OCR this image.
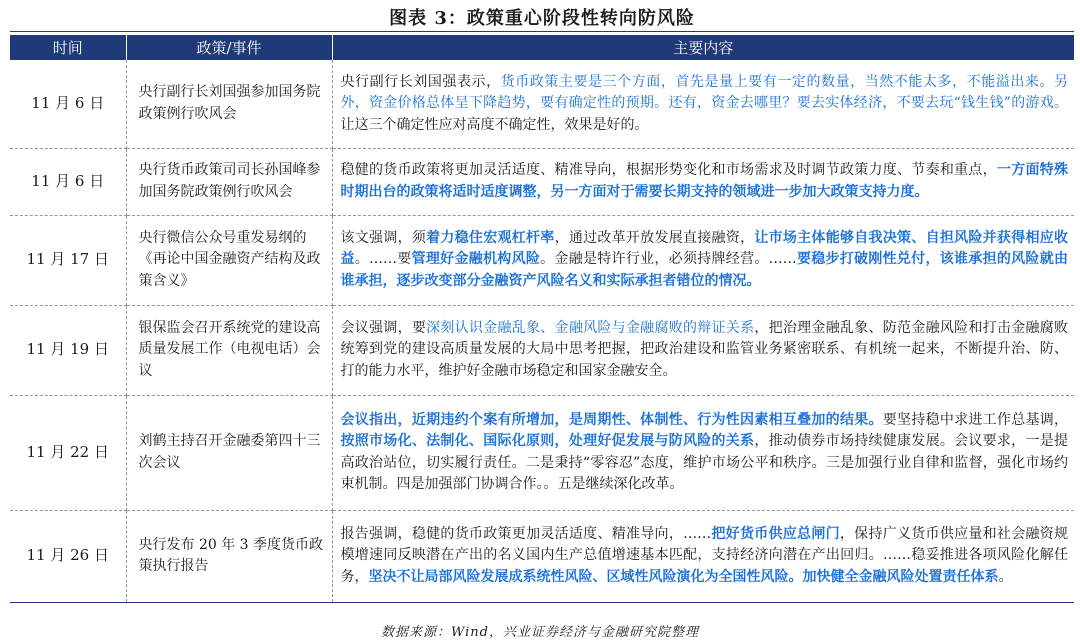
图表 3：政策重心阶段性转向防风险
时间	政策/事件	主要内容
11 月 6 日	央行副行长刘国强参加国务院政策例行吹风会	央行副行长刘国强表示，货币政策主要是三个方面，首先是量上要有一定的数量，当然不能太多，不能溢出来。另外，资金价格总体呈下降趋势，要有确定性的预期。还有，资金去哪里？要去实体经济，不要去玩“钱生钱”的游戏。让这三个确定性应对高度不确定性，效果是好的。
11 月 6 日	央行货币政策司司长孙国峰参加国务院政策例行吹风会	稳健的货币政策将更加灵活适度、精准导向，根据形势变化和市场需求及时调节政策力度、节奏和重点，一方面特殊时期出台的政策将适时适度调整，另一方面对于需要长期支持的领域进一步加大政策支持力度。
11 月 17 日	央行微信公众号重发易纲的《再论中国金融资产结构及政策含义》	该文强调，须着力稳住宏观杠杆率，通过改革开放发展直接融资，让市场主体能够自我决策、自担风险并获得相应收益。……要管理好金融机构风险。金融是特许行业，必须持牌经营。……要稳步打破刚性兑付，该谁承担的风险就由谁承担，逐步改变部分金融资产风险名义和实际承担者错位的情况。
11 月 19 日	银保监会召开系统党的建设高质量发展工作（电视电话）会议	会议强调，要深刻认识金融乱象、金融风险与金融腐败的辩证关系，把治理金融乱象、防范金融风险和打击金融腐败统筹到党的建设高质量发展的大局中思考把握，把政治建设和监管业务紧密联系、有机统一起来，不断提升治、防、打的能力水平，维护好金融市场稳定和国家金融安全。
11 月 22 日	刘鹤主持召开金融委第四十三次会议	会议指出，近期违约个案有所增加，是周期性、体制性、行为性因素相互叠加的结果。要坚持稳中求进工作总基调，按照市场化、法制化、国际化原则，处理好促发展与防风险的关系，推动债券市场持续健康发展。会议要求，一是提高政治站位，切实履行责任。二是秉持“零容忍”态度，维护市场公平和秩序。三是加强行业自律和监督，强化市场约束机制。四是加强部门协调合作。。五是继续深化改革。
11 月 26 日	央行发布 20 年 3 季度货币政策执行报告	报告强调，稳健的货币政策更加灵活适度、精准导向，……把好货币供应总闸门，保持广义货币供应量和社会融资规模增速同反映潜在产出的名义国内生产总值增速基本匹配，支持经济向潜在产出回归。……稳妥推进各项风险化解任务，坚决不让局部风险发展成系统性风险、区域性风险演化为全国性风险。加快健全金融风险处置责任体系。
数据来源：Wind，兴业证券经济与金融研究院整理
